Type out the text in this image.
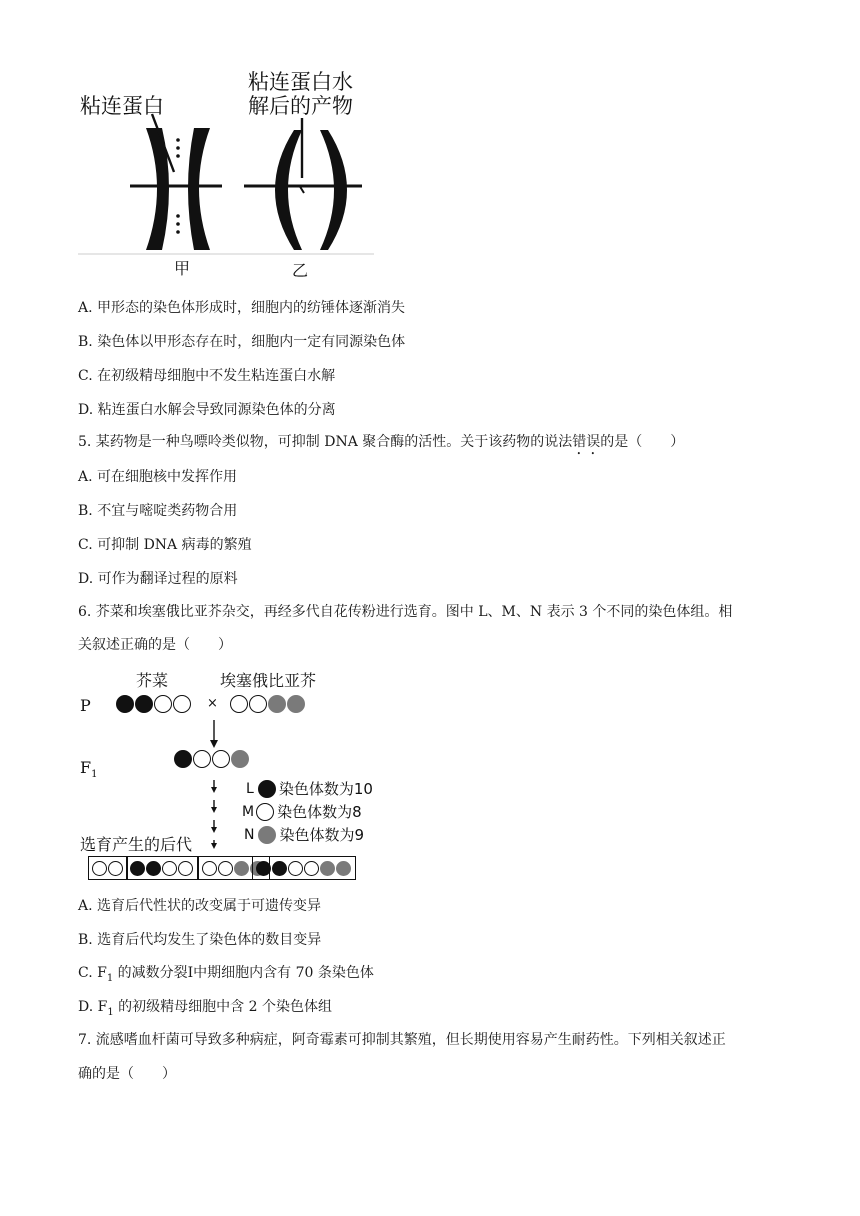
粘连蛋白
粘连蛋白水
解后的产物
甲	乙
A. 甲形态的染色体形成时，细胞内的纺锤体逐渐消失
B. 染色体以甲形态存在时，细胞内一定有同源染色体
C. 在初级精母细胞中不发生粘连蛋白水解
D. 粘连蛋白水解会导致同源染色体的分离
5. 某药物是一种鸟嘌呤类似物，可抑制 DNA 聚合酶的活性。关于该药物的说法错误的是（　　）
A. 可在细胞核中发挥作用
B. 不宜与嘧啶类药物合用
C. 可抑制 DNA 病毒的繁殖
D. 可作为翻译过程的原料
6. 芥菜和埃塞俄比亚芥杂交，再经多代自花传粉进行选育。图中 L、M、N 表示 3 个不同的染色体组。相
关叙述正确的是（　　）
芥菜	埃塞俄比亚芥
P	×
$F_1$
L 染色体数为10
M 染色体数为8
N 染色体数为9
选育产生的后代
A. 选育后代性状的改变属于可遗传变异
B. 选育后代均发生了染色体的数目变异
C. $F_1$ 的减数分裂Ⅰ中期细胞内含有 70 条染色体
D. $F_1$ 的初级精母细胞中含 2 个染色体组
7. 流感嗜血杆菌可导致多种病症，阿奇霉素可抑制其繁殖，但长期使用容易产生耐药性。下列相关叙述正
确的是（　　）
